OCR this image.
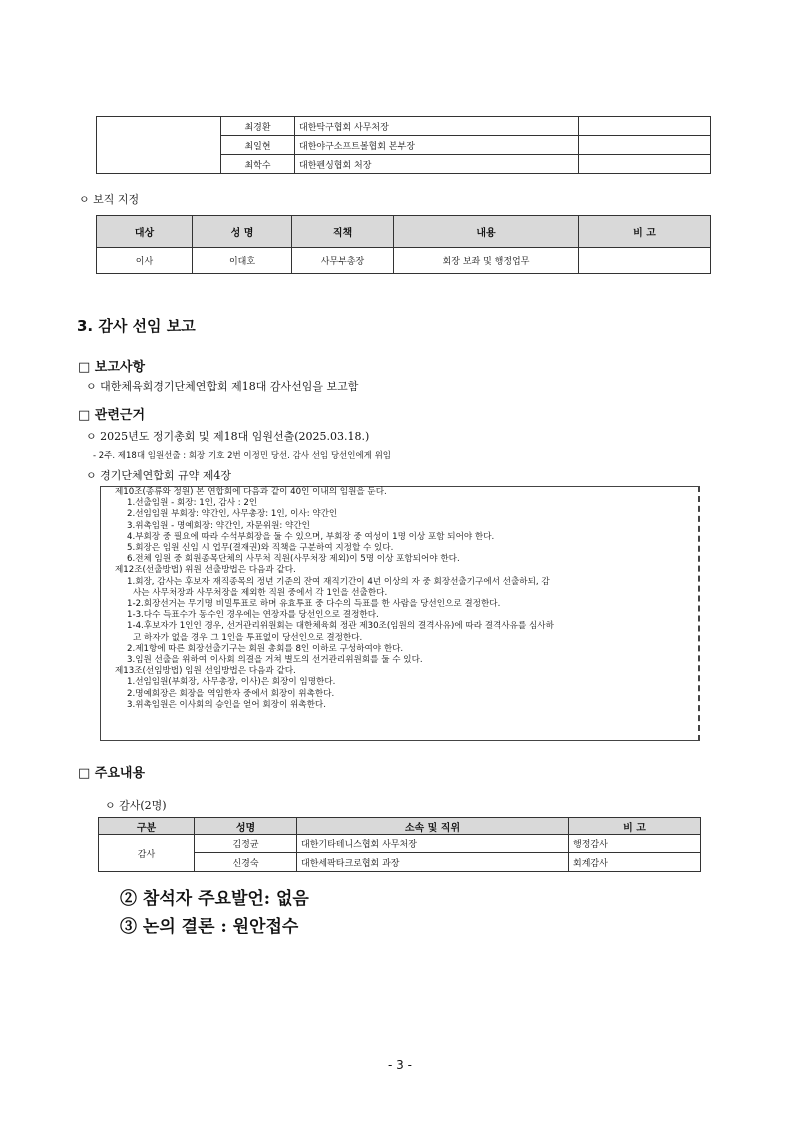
	최경환	대한탁구협회 사무처장	
	최일현	대한야구소프트볼협회 본부장	
	최학수	대한펜싱협회 처장	
ㅇ 보직 지정
대상	성 명	직책	내용	비 고
이사	이대호	사무부총장	회장 보좌 및 행정업무	
3. 감사 선임 보고
□ 보고사항
ㅇ 대한체육회경기단체연합회 제18대 감사선임을 보고함
□ 관련근거
ㅇ 2025년도 정기총회 및 제18대 임원선출(2025.03.18.)
- 2주. 제18대 임원선출 : 회장 기호 2번 이정민 당선. 감사 선임 당선인에게 위임
ㅇ 경기단체연합회 규약 제4장
제10조(종류와 정원) 본 연합회에 다음과 같이 40인 이내의 임원을 둔다.
1.선출임원 - 회장: 1인, 감사 : 2인
2.선임임원 부회장: 약간인, 사무총장: 1인, 이사: 약간인
3.위촉임원 - 명예회장: 약간인, 자문위원: 약간인
4.부회장 중 필요에 따라 수석부회장을 둘 수 있으며, 부회장 중 여성이 1명 이상 포함 되어야 한다.
5.회장은 임원 신임 시 업무(결재권)와 직책을 구분하여 지정할 수 있다.
6.전체 임원 중 회원종목단체의 사무처 직원(사무처장 제외)이 5명 이상 포함되어야 한다.
제12조(선출방법) 위원 선출방법은 다음과 같다.
1.회장, 감사는 후보자 재직종목의 정년 기준의 잔여 재직기간이 4년 이상의 자 중 회장선출기구에서 선출하되, 감
사는 사무처장과 사무처장을 제외한 직원 중에서 각 1인을 선출한다.
1-2.회장선거는 무기명 비밀투표로 하며 유효투표 중 다수의 득표를 한 사람을 당선인으로 결정한다.
1-3.다수 득표수가 동수인 경우에는 연장자를 당선인으로 결정한다.
1-4.후보자가 1인인 경우, 선거관리위원회는 대한체육회 정관 제30조(임원의 결격사유)에 따라 결격사유를 심사하
고 하자가 없을 경우 그 1인을 투표없이 당선인으로 결정한다.
2.제1항에 따른 회장선출기구는 회원 총회를 8인 이하로 구성하여야 한다.
3.임원 선출을 위하여 이사회 의결을 거쳐 별도의 선거관리위원회를 둘 수 있다.
제13조(선임방법) 임원 선임방법은 다음과 같다.
1.선임임원(부회장, 사무총장, 이사)은 회장이 임명한다.
2.명예회장은 회장을 역임한자 중에서 회장이 위촉한다.
3.위촉임원은 이사회의 승인을 얻어 회장이 위촉한다.
□ 주요내용
ㅇ 감사(2명)
구분	성명	소속 및 직위	비 고
감사	김정균	대한기타테니스협회 사무처장	행정감사
	신경숙	대한세팍타크로협회 과장	회계감사
② 참석자 주요발언: 없음
③ 논의 결론 : 원안접수
- 3 -
